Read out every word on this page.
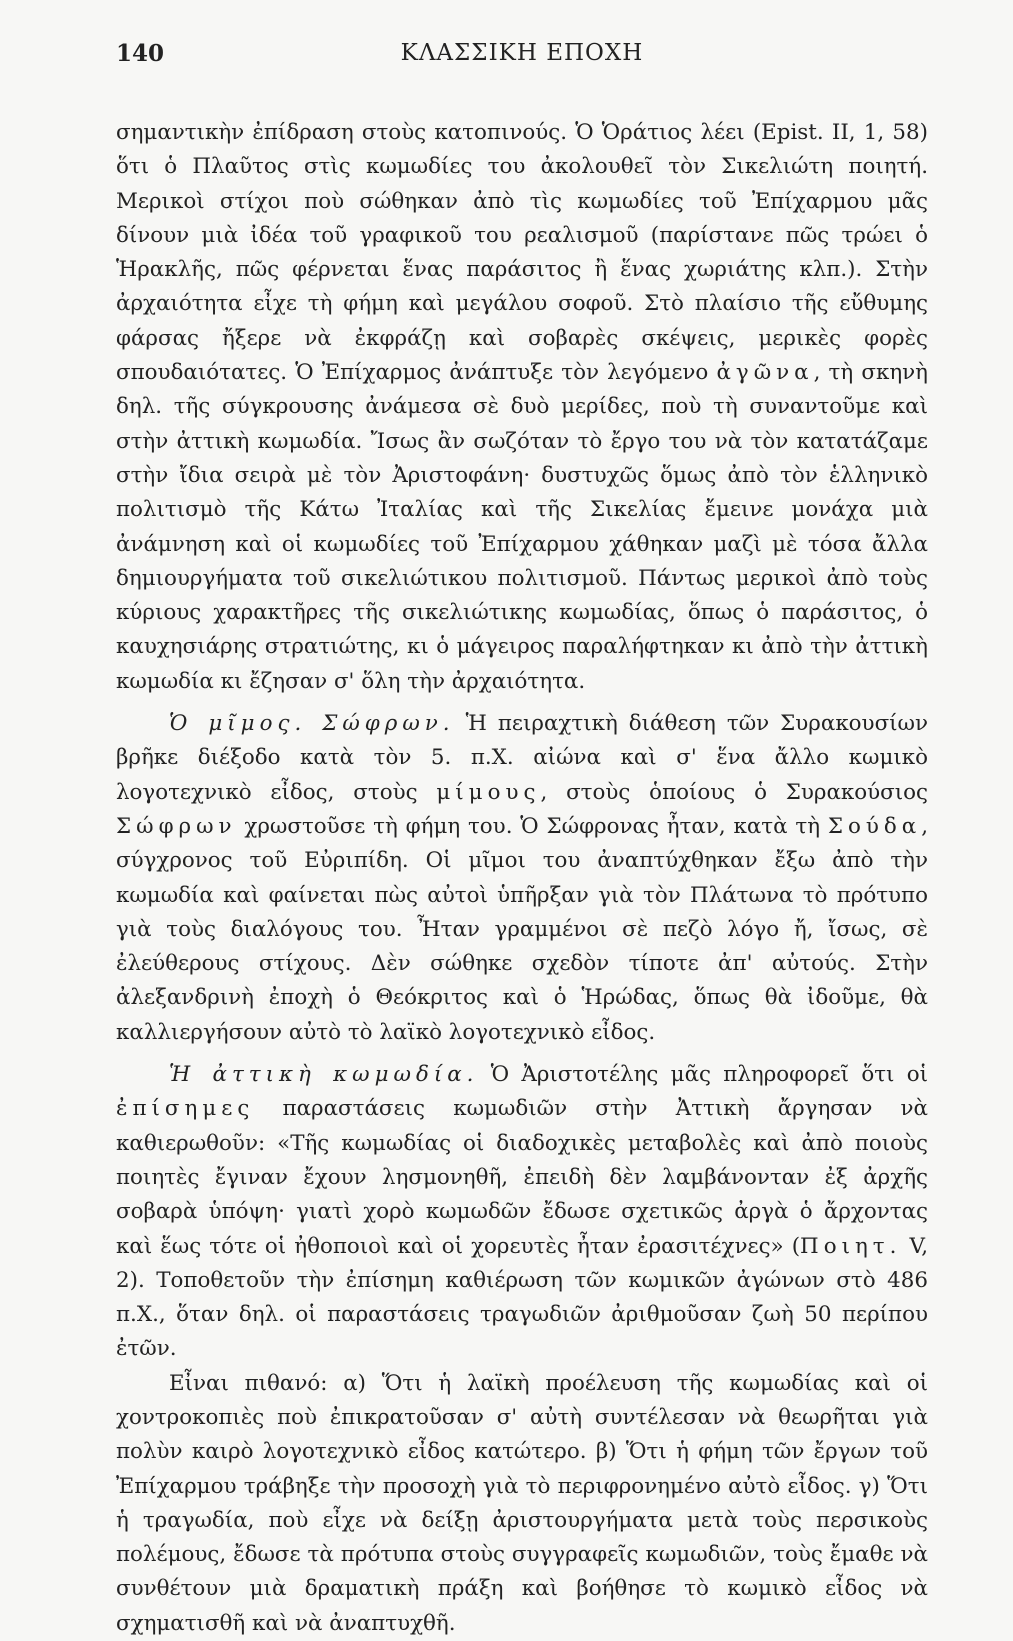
140	ΚΛΑΣΣΙΚΗ ΕΠΟΧΗ

σημαντικὴν ἐπίδραση στοὺς κατοπινούς. Ὁ Ὁράτιος λέει (Epist. II, 1, 58) ὅτι ὁ Πλαῦτος στὶς κωμωδίες του ἀκολουθεῖ τὸν Σικελιώτη ποιητή. Μερικοὶ στίχοι ποὺ σώθηκαν ἀπὸ τὶς κωμωδίες τοῦ Ἐπίχαρμου μᾶς δίνουν μιὰ ἰδέα τοῦ γραφικοῦ του ρεαλισμοῦ (παρίστανε πῶς τρώει ὁ Ἡρακλῆς, πῶς φέρνεται ἕνας παράσιτος ἢ ἕνας χωριάτης κλπ.). Στὴν ἀρχαιότητα εἶχε τὴ φήμη καὶ μεγάλου σοφοῦ. Στὸ πλαίσιο τῆς εὔθυμης φάρσας ἤξερε νὰ ἐκφράζῃ καὶ σοβαρὲς σκέψεις, μερικὲς φορὲς σπουδαιότατες. Ὁ Ἐπίχαρμος ἀνάπτυξε τὸν λεγόμενο ἀγῶνα, τὴ σκηνὴ δηλ. τῆς σύγκρουσης ἀνάμεσα σὲ δυὸ μερίδες, ποὺ τὴ συναντοῦμε καὶ στὴν ἀττικὴ κωμωδία. Ἴσως ἂν σωζόταν τὸ ἔργο του νὰ τὸν κατατάζαμε στὴν ἴδια σειρὰ μὲ τὸν Ἀριστοφάνη· δυστυχῶς ὅμως ἀπὸ τὸν ἑλληνικὸ πολιτισμὸ τῆς Κάτω Ἰταλίας καὶ τῆς Σικελίας ἔμεινε μονάχα μιὰ ἀνάμνηση καὶ οἱ κωμωδίες τοῦ Ἐπίχαρμου χάθηκαν μαζὶ μὲ τόσα ἄλλα δημιουργήματα τοῦ σικελιώτικου πολιτισμοῦ. Πάντως μερικοὶ ἀπὸ τοὺς κύριους χαρακτῆρες τῆς σικελιώτικης κωμωδίας, ὅπως ὁ παράσιτος, ὁ καυχησιάρης στρατιώτης, κι ὁ μάγειρος παραλήφτηκαν κι ἀπὸ τὴν ἀττικὴ κωμωδία κι ἔζησαν σ' ὅλη τὴν ἀρχαιότητα.

Ὁ μῖμος. Σώφρων. Ἡ πειραχτικὴ διάθεση τῶν Συρακουσίων βρῆκε διέξοδο κατὰ τὸν 5. π.Χ. αἰώνα καὶ σ' ἕνα ἄλλο κωμικὸ λογοτεχνικὸ εἶδος, στοὺς μίμους, στοὺς ὁποίους ὁ Συρακούσιος Σώφρων χρωστοῦσε τὴ φήμη του. Ὁ Σώφρονας ἦταν, κατὰ τὴ Σούδα, σύγχρονος τοῦ Εὐριπίδη. Οἱ μῖμοι του ἀναπτύχθηκαν ἔξω ἀπὸ τὴν κωμωδία καὶ φαίνεται πὼς αὐτοὶ ὑπῆρξαν γιὰ τὸν Πλάτωνα τὸ πρότυπο γιὰ τοὺς διαλόγους του. Ἦταν γραμμένοι σὲ πεζὸ λόγο ἤ, ἴσως, σὲ ἐλεύθερους στίχους. Δὲν σώθηκε σχεδὸν τίποτε ἀπ' αὐτούς. Στὴν ἀλεξανδρινὴ ἐποχὴ ὁ Θεόκριτος καὶ ὁ Ἡρώδας, ὅπως θὰ ἰδοῦμε, θὰ καλλιεργήσουν αὐτὸ τὸ λαϊκὸ λογοτεχνικὸ εἶδος.

Ἡ ἀττικὴ κωμωδία. Ὁ Ἀριστοτέλης μᾶς πληροφορεῖ ὅτι οἱ ἐπίσημες παραστάσεις κωμωδιῶν στὴν Ἀττικὴ ἄργησαν νὰ καθιερωθοῦν: «Τῆς κωμωδίας οἱ διαδοχικὲς μεταβολὲς καὶ ἀπὸ ποιοὺς ποιητὲς ἔγιναν ἔχουν λησμονηθῆ, ἐπειδὴ δὲν λαμβάνονταν ἐξ ἀρχῆς σοβαρὰ ὑπόψη· γιατὶ χορὸ κωμωδῶν ἔδωσε σχετικῶς ἀργὰ ὁ ἄρχοντας καὶ ἕως τότε οἱ ἠθοποιοὶ καὶ οἱ χορευτὲς ἦταν ἐρασιτέχνες» (Ποιητ. V, 2). Τοποθετοῦν τὴν ἐπίσημη καθιέρωση τῶν κωμικῶν ἀγώνων στὸ 486 π.Χ., ὅταν δηλ. οἱ παραστάσεις τραγωδιῶν ἀριθμοῦσαν ζωὴ 50 περίπου ἐτῶν.

Εἶναι πιθανό: α) Ὅτι ἡ λαϊκὴ προέλευση τῆς κωμωδίας καὶ οἱ χοντροκοπιὲς ποὺ ἐπικρατοῦσαν σ' αὐτὴ συντέλεσαν νὰ θεωρῆται γιὰ πολὺν καιρὸ λογοτεχνικὸ εἶδος κατώτερο. β) Ὅτι ἡ φήμη τῶν ἔργων τοῦ Ἐπίχαρμου τράβηξε τὴν προσοχὴ γιὰ τὸ περιφρονημένο αὐτὸ εἶδος. γ) Ὅτι ἡ τραγωδία, ποὺ εἶχε νὰ δείξῃ ἀριστουργήματα μετὰ τοὺς περσικοὺς πολέμους, ἔδωσε τὰ πρότυπα στοὺς συγγραφεῖς κωμωδιῶν, τοὺς ἔμαθε νὰ συνθέτουν μιὰ δραματικὴ πράξη καὶ βοήθησε τὸ κωμικὸ εἶδος νὰ σχηματισθῆ καὶ νὰ ἀναπτυχθῆ.
